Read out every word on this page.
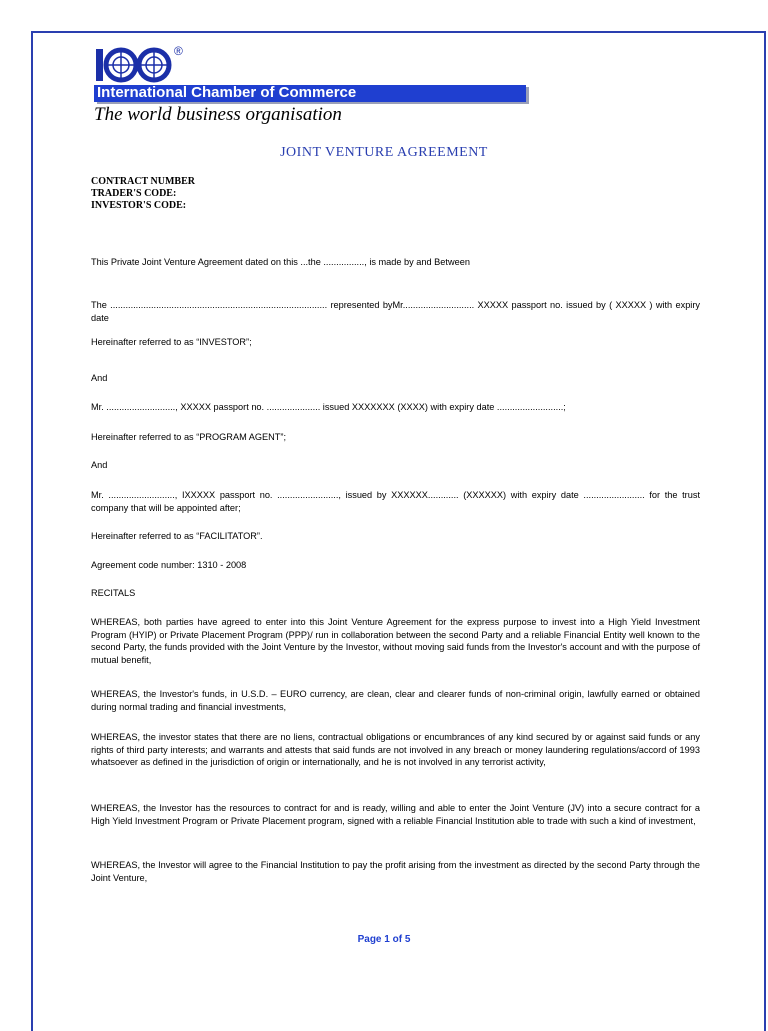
®
International Chamber of Commerce
The world business organisation
JOINT VENTURE AGREEMENT
CONTRACT NUMBER
TRADER'S CODE:
INVESTOR'S CODE:

This Private Joint Venture Agreement dated on this ...the ................, is made by and Between

The ..................................................................................... represented byMr............................ XXXXX passport no. issued by ( XXXXX ) with expiry date

Hereinafter referred to as “INVESTOR”;

And

Mr. ..........................., XXXXX passport no. ..................... issued XXXXXXX (XXXX) with expiry date ..........................;

Hereinafter referred to as “PROGRAM AGENT”;

And

Mr. .........................., IXXXXX passport no. ........................, issued by XXXXXX............ (XXXXXX) with expiry date ........................ for the trust company that will be appointed after;

Hereinafter referred to as “FACILITATOR”.

Agreement code number: 1310 - 2008

RECITALS

WHEREAS, both parties have agreed to enter into this Joint Venture Agreement for the express purpose to invest into a High Yield Investment Program (HYIP) or Private Placement Program (PPP)/ run in collaboration between the second Party and a reliable Financial Entity well known to the second Party, the funds provided with the Joint Venture by the Investor, without moving said funds from the Investor's account and with the purpose of mutual benefit,

WHEREAS, the Investor's funds, in U.S.D. – EURO currency, are clean, clear and clearer funds of non-criminal origin, lawfully earned or obtained during normal trading and financial investments,

WHEREAS, the investor states that there are no liens, contractual obligations or encumbrances of any kind secured by or against said funds or any rights of third party interests; and warrants and attests that said funds are not involved in any breach or money laundering regulations/accord of 1993 whatsoever as defined in the jurisdiction of origin or internationally, and he is not involved in any terrorist activity,

WHEREAS, the Investor has the resources to contract for and is ready, willing and able to enter the Joint Venture (JV) into a secure contract for a High Yield Investment Program or Private Placement program, signed with a reliable Financial Institution able to trade with such a kind of investment,

WHEREAS, the Investor will agree to the Financial Institution to pay the profit arising from the investment as directed by the second Party through the Joint Venture,

Page 1 of 5
